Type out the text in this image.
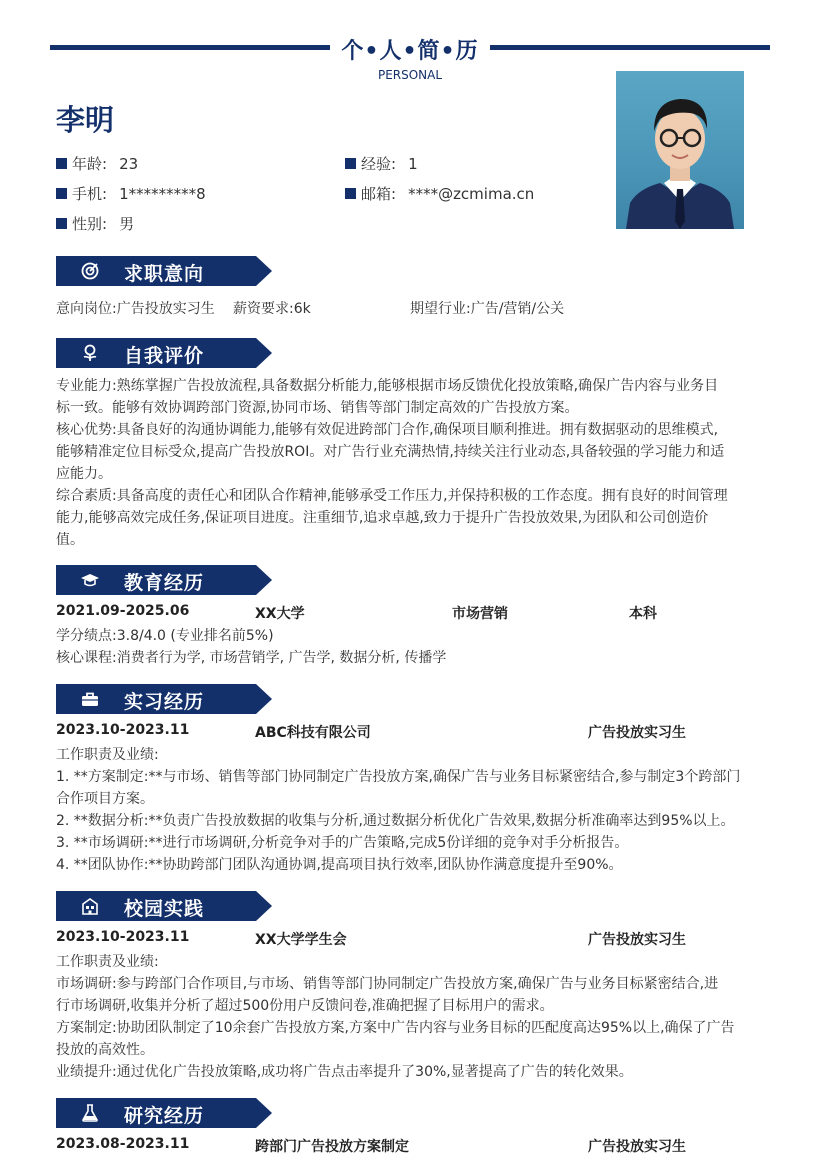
个•人•简•历
PERSONAL
李明
年龄: 23	经验: 1
手机: 1*********8	邮箱: ****@zcmima.cn
性别: 男
求职意向
意向岗位:广告投放实习生 薪资要求:6k	期望行业:广告/营销/公关
自我评价
专业能力:熟练掌握广告投放流程,具备数据分析能力,能够根据市场反馈优化投放策略,确保广告内容与业务目
标一致。能够有效协调跨部门资源,协同市场、销售等部门制定高效的广告投放方案。
核心优势:具备良好的沟通协调能力,能够有效促进跨部门合作,确保项目顺利推进。拥有数据驱动的思维模式,
能够精准定位目标受众,提高广告投放ROI。对广告行业充满热情,持续关注行业动态,具备较强的学习能力和适
应能力。
综合素质:具备高度的责任心和团队合作精神,能够承受工作压力,并保持积极的工作态度。拥有良好的时间管理
能力,能够高效完成任务,保证项目进度。注重细节,追求卓越,致力于提升广告投放效果,为团队和公司创造价
值。
教育经历
2021.09-2025.06	XX大学	市场营销	本科
学分绩点:3.8/4.0 (专业排名前5%)
核心课程:消费者行为学, 市场营销学, 广告学, 数据分析, 传播学
实习经历
2023.10-2023.11	ABC科技有限公司	广告投放实习生
工作职责及业绩:
1. **方案制定:**与市场、销售等部门协同制定广告投放方案,确保广告与业务目标紧密结合,参与制定3个跨部门
合作项目方案。
2. **数据分析:**负责广告投放数据的收集与分析,通过数据分析优化广告效果,数据分析准确率达到95%以上。
3. **市场调研:**进行市场调研,分析竞争对手的广告策略,完成5份详细的竞争对手分析报告。
4. **团队协作:**协助跨部门团队沟通协调,提高项目执行效率,团队协作满意度提升至90%。
校园实践
2023.10-2023.11	XX大学学生会	广告投放实习生
工作职责及业绩:
市场调研:参与跨部门合作项目,与市场、销售等部门协同制定广告投放方案,确保广告与业务目标紧密结合,进
行市场调研,收集并分析了超过500份用户反馈问卷,准确把握了目标用户的需求。
方案制定:协助团队制定了10余套广告投放方案,方案中广告内容与业务目标的匹配度高达95%以上,确保了广告
投放的高效性。
业绩提升:通过优化广告投放策略,成功将广告点击率提升了30%,显著提高了广告的转化效果。
研究经历
2023.08-2023.11	跨部门广告投放方案制定	广告投放实习生
